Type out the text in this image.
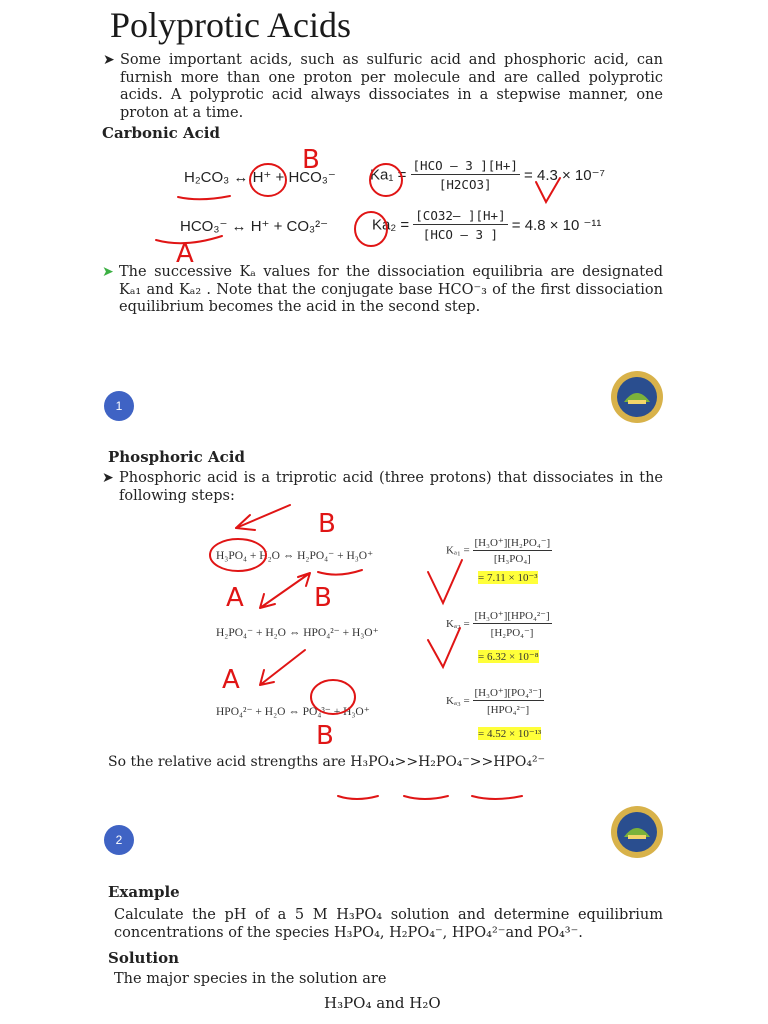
Polyprotic Acids
➤ Some important acids, such as sulfuric acid and phosphoric acid, can furnish more than one proton per molecule and are called polyprotic acids. A polyprotic acid always dissociates in a stepwise manner, one proton at a time.
Carbonic Acid
H₂CO₃ ↔ H⁺ + HCO₃⁻ $Ka_1 = \frac{\text{[HCO – 3 ][H+]}}{[H2CO3]} = 4.3 \times 10^{-7}$
HCO₃⁻ ↔ H⁺ + CO₃²⁻	$Ka_2 = \frac{[CO32- ][H+]}{\text{[HCO – 3 ]}} = 4.8 \times 10$ ⁻¹¹
➤ The successive Kₐ values for the dissociation equilibria are designated Kₐ₁ and Kₐ₂ . Note that the conjugate base HCO⁻₃ of the first dissociation equilibrium becomes the acid in the second step.
1
Phosphoric Acid
➤ Phosphoric acid is a triprotic acid (three protons) that dissociates in the following steps:
H₃PO₄ + H₂O ⇔ H₂PO₄⁻ + H₃O⁺
H₂PO₄⁻ + H₂O ⇔ HPO₄²⁻ + H₃O⁺
HPO₄²⁻ + H₂O ⇔ PO₄³⁻ + H₃O⁺
$K_{a1} = \frac{\text{[H₃O⁺][H₂PO₄⁻]}}{\text{[H₃PO₄]}}$
= 7.11 × 10⁻³
$K_{a2} = \frac{\text{[H₃O⁺][HPO₄²⁻]}}{\text{[H₂PO₄⁻]}}$
= 6.32 × 10⁻⁸
$K_{a3} = \frac{\text{[H₃O⁺][PO₄³⁻]}}{\text{[HPO₄²⁻]}}$
= 4.52 × 10⁻¹³
So the relative acid strengths are H₃PO₄>>H₂PO₄⁻>>HPO₄²⁻
2
Example
Calculate the pH of a 5 M H₃PO₄ solution and determine equilibrium concentrations of the species H₃PO₄, H₂PO₄⁻, HPO₄²⁻and PO₄³⁻.
Solution
The major species in the solution are
H₃PO₄ and H₂O
B
A
B
B
A
A
B
